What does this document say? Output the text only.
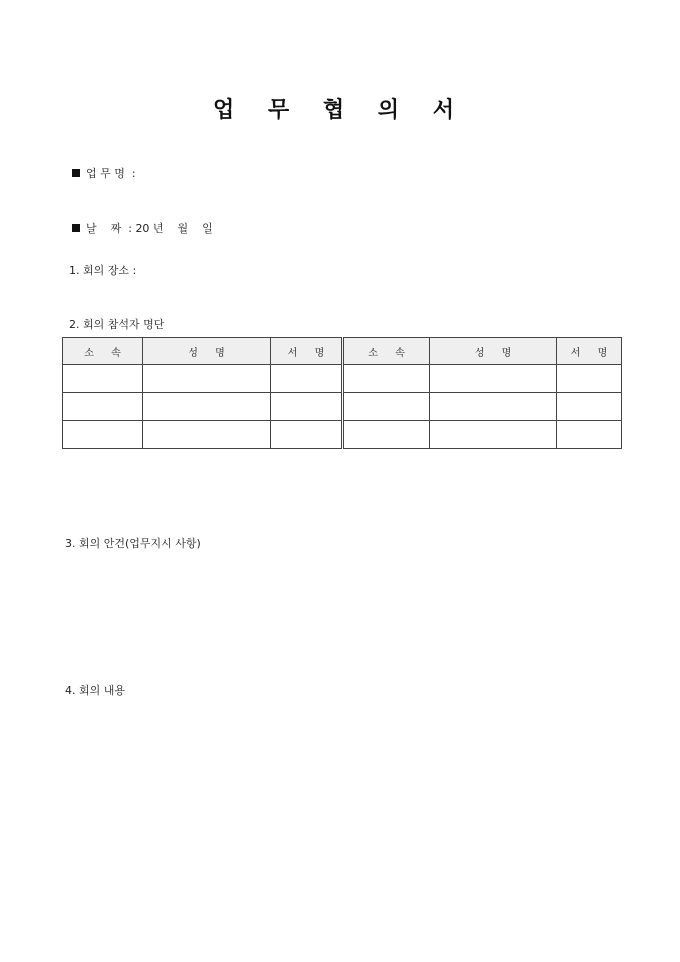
업 무 협 의 서

업 무 명  :

날    짜  : 20 년    월    일

1. 회의 장소 :
2. 회의 참석자 명단
소 속	성 명	서 명	소 속	성 명	서 명

3. 회의 안건(업무지시 사항)
4. 회의 내용
